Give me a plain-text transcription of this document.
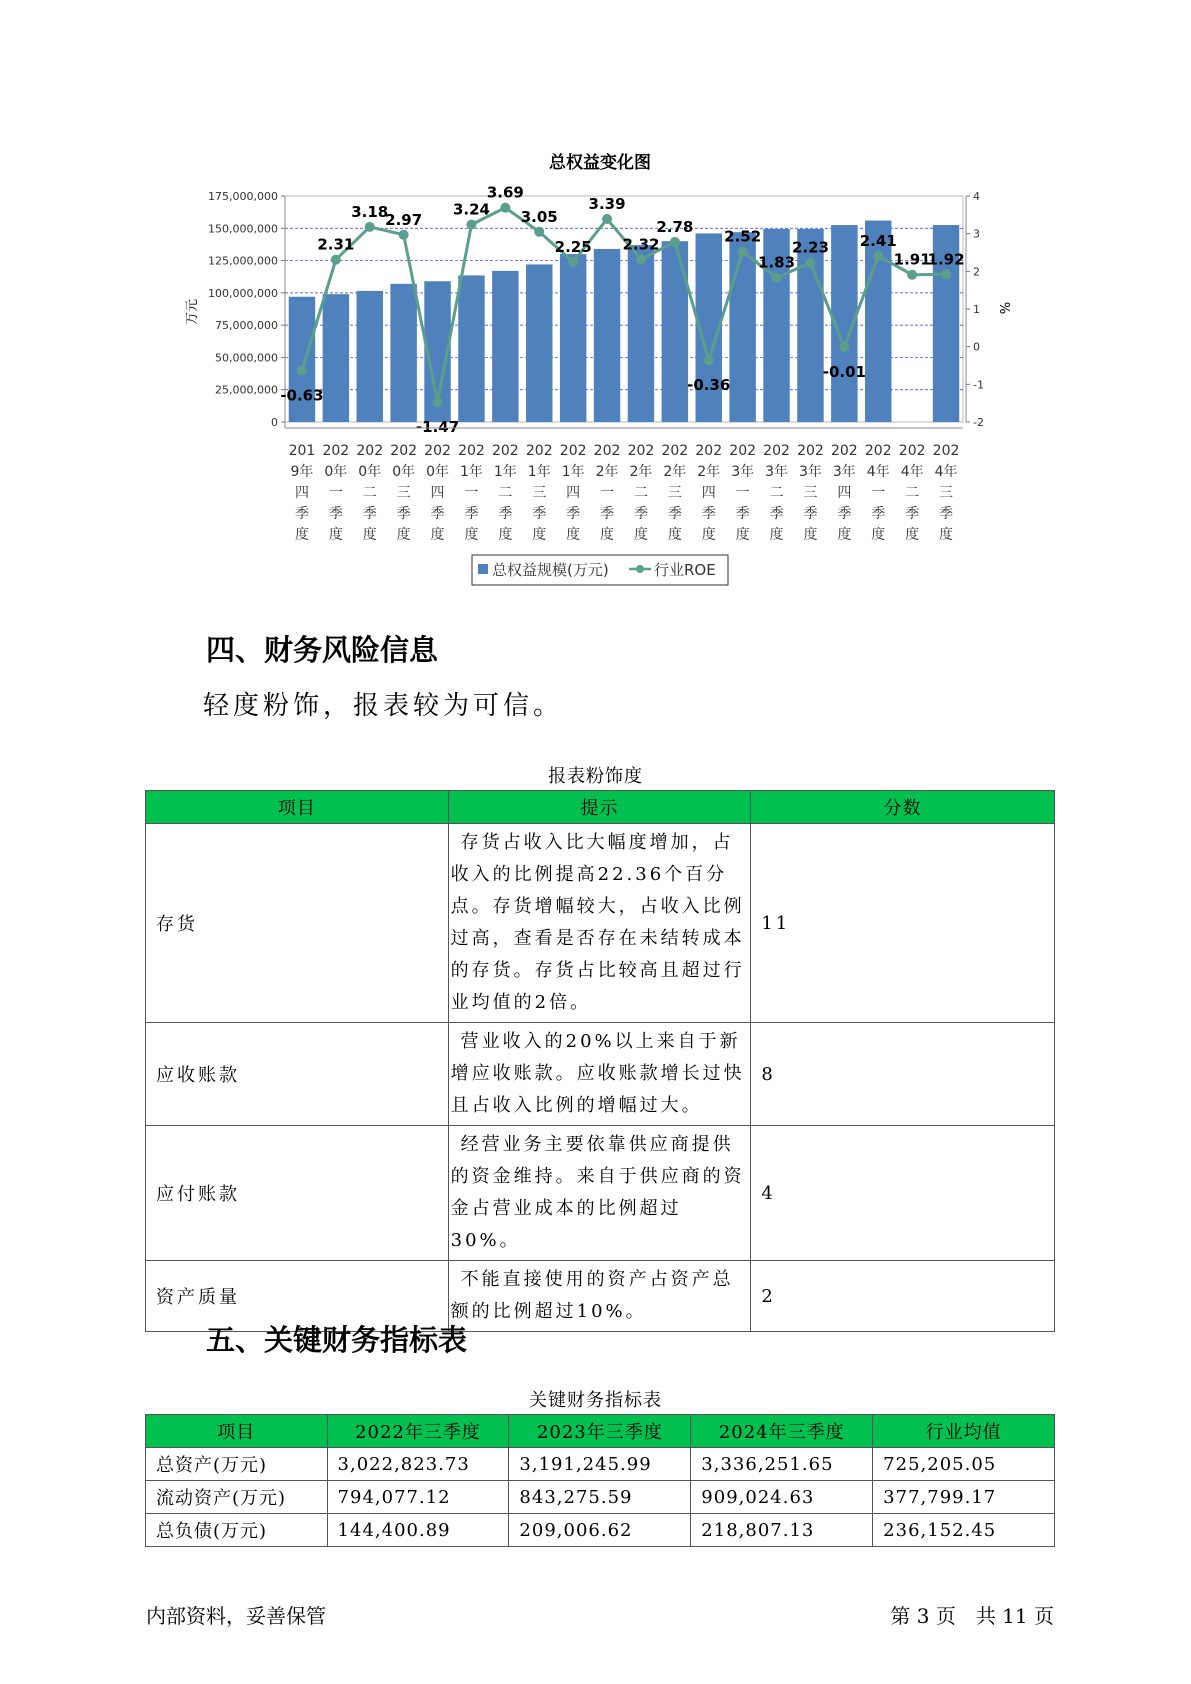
总权益变化图
175,000,000
150,000,000
125,000,000
100,000,000
75,000,000
50,000,000
25,000,000
0
4
3
2
1
0
-1
-2
-0.63
2.31
3.18
2.97
-1.47
3.24
3.69
3.05
2.25
3.39
2.32
2.78
-0.36
2.52
1.83
2.23
-0.01
2.41
1.91
1.92
201
9年
四
季
度
202
0年
一
季
度
202
0年
二
季
度
202
0年
三
季
度
202
0年
四
季
度
202
1年
一
季
度
202
1年
二
季
度
202
1年
三
季
度
202
1年
四
季
度
202
2年
一
季
度
202
2年
二
季
度
202
2年
三
季
度
202
2年
四
季
度
202
3年
一
季
度
202
3年
二
季
度
202
3年
三
季
度
202
3年
四
季
度
202
4年
一
季
度
202
4年
二
季
度
202
4年
三
季
度
万元	%
总权益规模(万元)	行业ROE
四、财务风险信息

轻度粉饰，报表较为可信。

报表粉饰度
项目	提示	分数
存货	存货占收入比大幅度增加，占收入的比例提高22.36个百分点。存货增幅较大，占收入比例过高，查看是否存在未结转成本的存货。存货占比较高且超过行业均值的2倍。	11
应收账款	营业收入的20%以上来自于新增应收账款。应收账款增长过快且占收入比例的增幅过大。	8
应付账款	经营业务主要依靠供应商提供的资金维持。来自于供应商的资金占营业成本的比例超过30%。	4
资产质量	不能直接使用的资产占资产总额的比例超过10%。	2
五、关键财务指标表
关键财务指标表
项目	2022年三季度	2023年三季度	2024年三季度	行业均值
总资产(万元)	3,022,823.73	3,191,245.99	3,336,251.65	725,205.05
流动资产(万元)	794,077.12	843,275.59	909,024.63	377,799.17
总负债(万元)	144,400.89	209,006.62	218,807.13	236,152.45
内部资料，妥善保管	第 3 页　共 11 页
